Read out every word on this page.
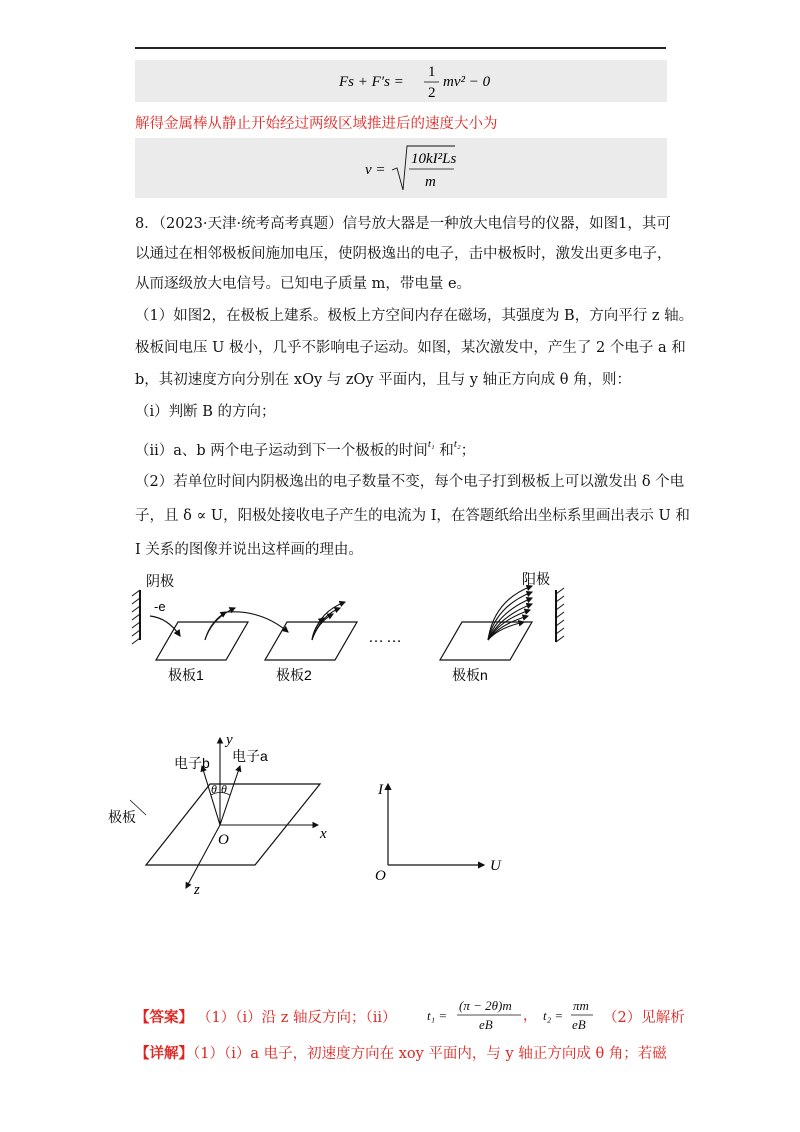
Fs + F′s =
1
2
mv² − 0
解得金属棒从静止开始经过两级区域推进后的速度大小为
v =
10kI²Ls
m
8．（2023·天津·统考高考真题）信号放大器是一种放大电信号的仪器，如图1，其可
以通过在相邻极板间施加电压，使阴极逸出的电子，击中极板时，激发出更多电子，
从而逐级放大电信号。已知电子质量 m，带电量 e。
（1）如图2，在极板上建系。极板上方空间内存在磁场，其强度为 B，方向平行 z 轴。
极板间电压 U 极小，几乎不影响电子运动。如图，某次激发中，产生了 2 个电子 a 和
b，其初速度方向分别在 xOy 与 zOy 平面内，且与 y 轴正方向成 θ 角，则：
（i）判断 B 的方向；
（ii）a、b 两个电子运动到下一个极板的时间$^{t_1}$ 和$^{t_2}$；
（2）若单位时间内阴极逸出的电子数量不变，每个电子打到极板上可以激发出 δ 个电
子，且 δ ∝ U，阳极处接收电子产生的电流为 I，在答题纸给出坐标系里画出表示 U 和
I 关系的图像并说出这样画的理由。
阴极
-e
极板1	极板2
……
极板n
阳极
极板
y
x
z
O
θ θ
电子b 电子a
I
U
O
【答案】 （1）（ⅰ）沿 z 轴反方向；（ⅱ） t₁ =
(π − 2θ)m
eB
， t₂ =
πm
eB （2）见解析
【详解】（1）（ⅰ）a 电子，初速度方向在 xoy 平面内，与 y 轴正方向成 θ 角；若磁
